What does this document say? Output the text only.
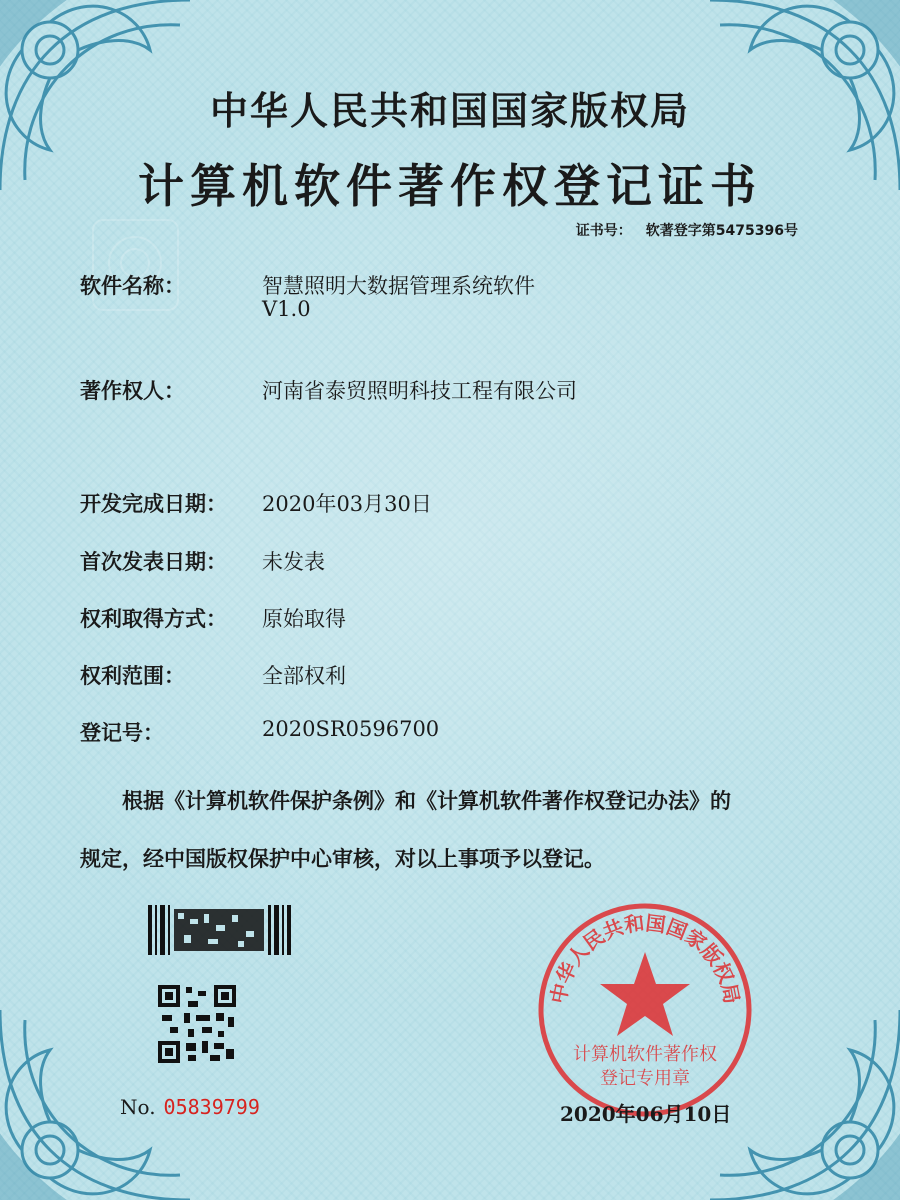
中华人民共和国国家版权局
计算机软件著作权登记证书
证书号： 软著登字第5475396号
软件名称：	智慧照明大数据管理系统软件
V1.0
著作权人：	河南省泰贸照明科技工程有限公司
开发完成日期：	2020年03月30日
首次发表日期：	未发表
权利取得方式：	原始取得
权利范围：	全部权利
登记号：	2020SR0596700
根据《计算机软件保护条例》和《计算机软件著作权登记办法》的
规定，经中国版权保护中心审核，对以上事项予以登记。
No. 05839799
中华人民共和国国家版权局
计算机软件著作权
登记专用章
2020年06月10日
